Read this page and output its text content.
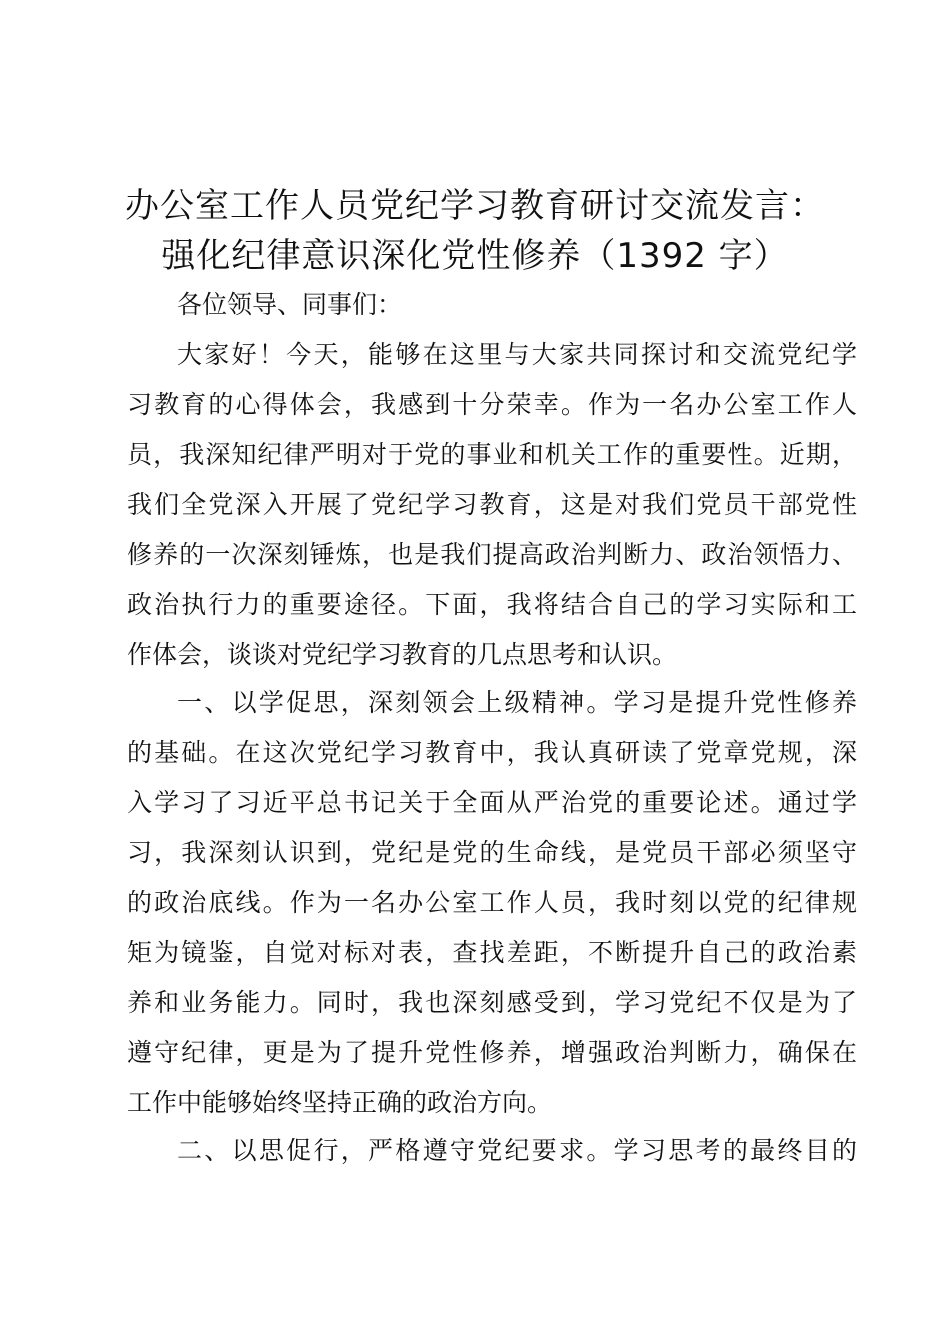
办公室工作人员党纪学习教育研讨交流发言：
强化纪律意识深化党性修养（1392 字）
各位领导、同事们：
大家好！今天，能够在这里与大家共同探讨和交流党纪学
习教育的心得体会，我感到十分荣幸。作为一名办公室工作人
员，我深知纪律严明对于党的事业和机关工作的重要性。近期，
我们全党深入开展了党纪学习教育，这是对我们党员干部党性
修养的一次深刻锤炼，也是我们提高政治判断力、政治领悟力、
政治执行力的重要途径。下面，我将结合自己的学习实际和工
作体会，谈谈对党纪学习教育的几点思考和认识。
一、以学促思，深刻领会上级精神。学习是提升党性修养
的基础。在这次党纪学习教育中，我认真研读了党章党规，深
入学习了习近平总书记关于全面从严治党的重要论述。通过学
习，我深刻认识到，党纪是党的生命线，是党员干部必须坚守
的政治底线。作为一名办公室工作人员，我时刻以党的纪律规
矩为镜鉴，自觉对标对表，查找差距，不断提升自己的政治素
养和业务能力。同时，我也深刻感受到，学习党纪不仅是为了
遵守纪律，更是为了提升党性修养，增强政治判断力，确保在
工作中能够始终坚持正确的政治方向。
二、以思促行，严格遵守党纪要求。学习思考的最终目的
